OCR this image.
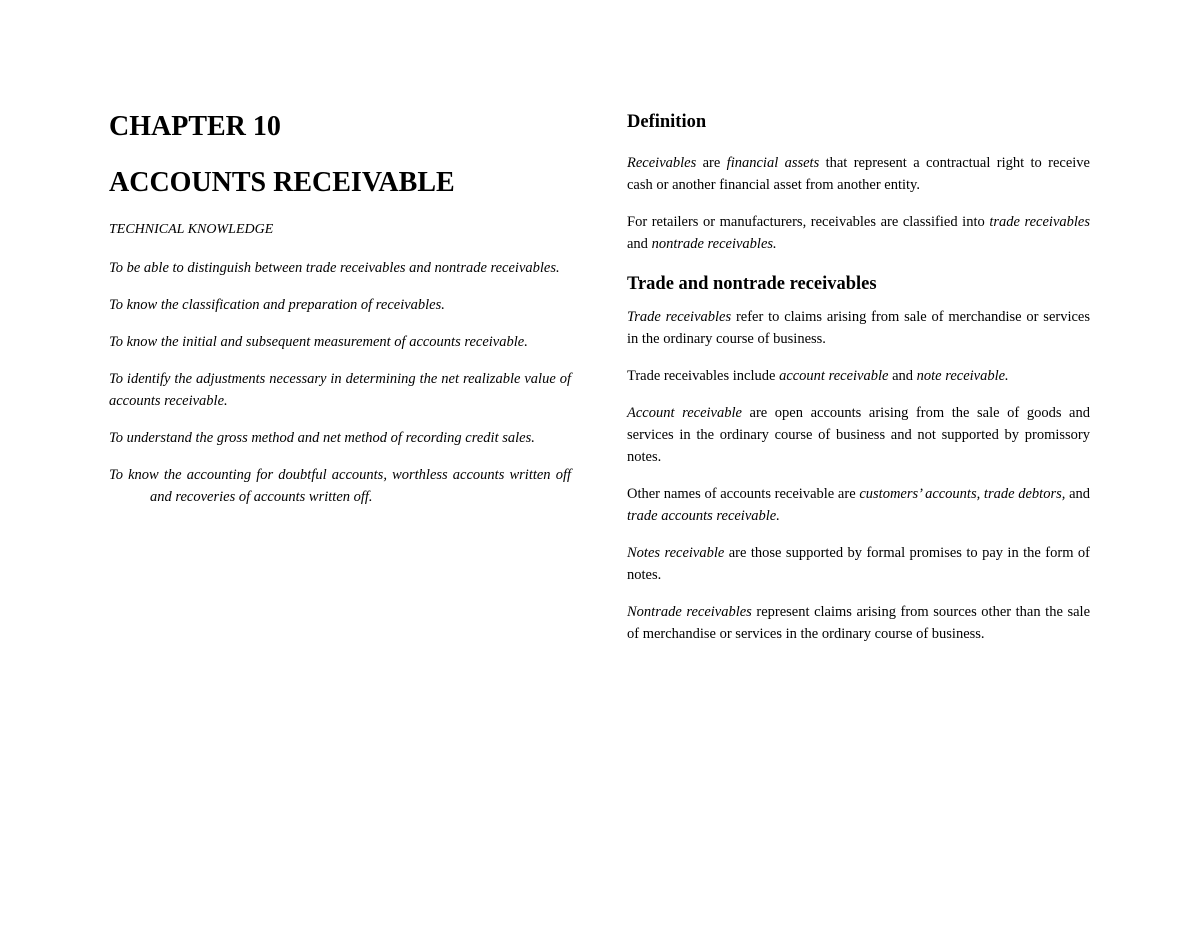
CHAPTER 10
ACCOUNTS RECEIVABLE
TECHNICAL KNOWLEDGE
To be able to distinguish between trade receivables and nontrade receivables.
To know the classification and preparation of receivables.
To know the initial and subsequent measurement of accounts receivable.
To identify the adjustments necessary in determining the net realizable value of accounts receivable.
To understand the gross method and net method of recording credit sales.
To know the accounting for doubtful accounts, worthless accounts written off and recoveries of accounts written off.
Definition

Receivables are financial assets that represent a contractual right to receive cash or another financial asset from another entity.

For retailers or manufacturers, receivables are classified into trade receivables and nontrade receivables.

Trade and nontrade receivables

Trade receivables refer to claims arising from sale of merchandise or services in the ordinary course of business.

Trade receivables include account receivable and note receivable.

Account receivable are open accounts arising from the sale of goods and services in the ordinary course of business and not supported by promissory notes.

Other names of accounts receivable are customers’ accounts, trade debtors, and trade accounts receivable.

Notes receivable are those supported by formal promises to pay in the form of notes.

Nontrade receivables represent claims arising from sources other than the sale of merchandise or services in the ordinary course of business.
